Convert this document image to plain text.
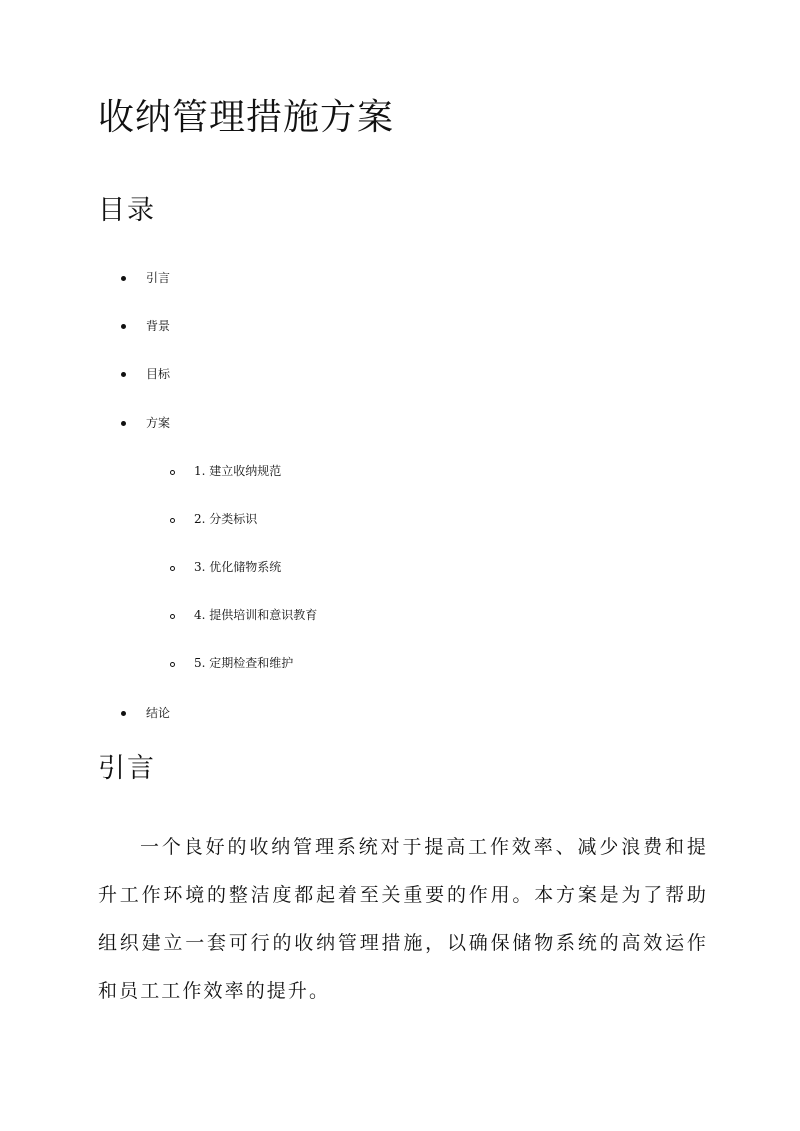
收纳管理措施方案
目录
引言
背景
目标
方案
1. 建立收纳规范
2. 分类标识
3. 优化储物系统
4. 提供培训和意识教育
5. 定期检查和维护
结论
引言

一个良好的收纳管理系统对于提高工作效率、减少浪费和提升工作环境的整洁度都起着至关重要的作用。本方案是为了帮助组织建立一套可行的收纳管理措施，以确保储物系统的高效运作和员工工作效率的提升。
